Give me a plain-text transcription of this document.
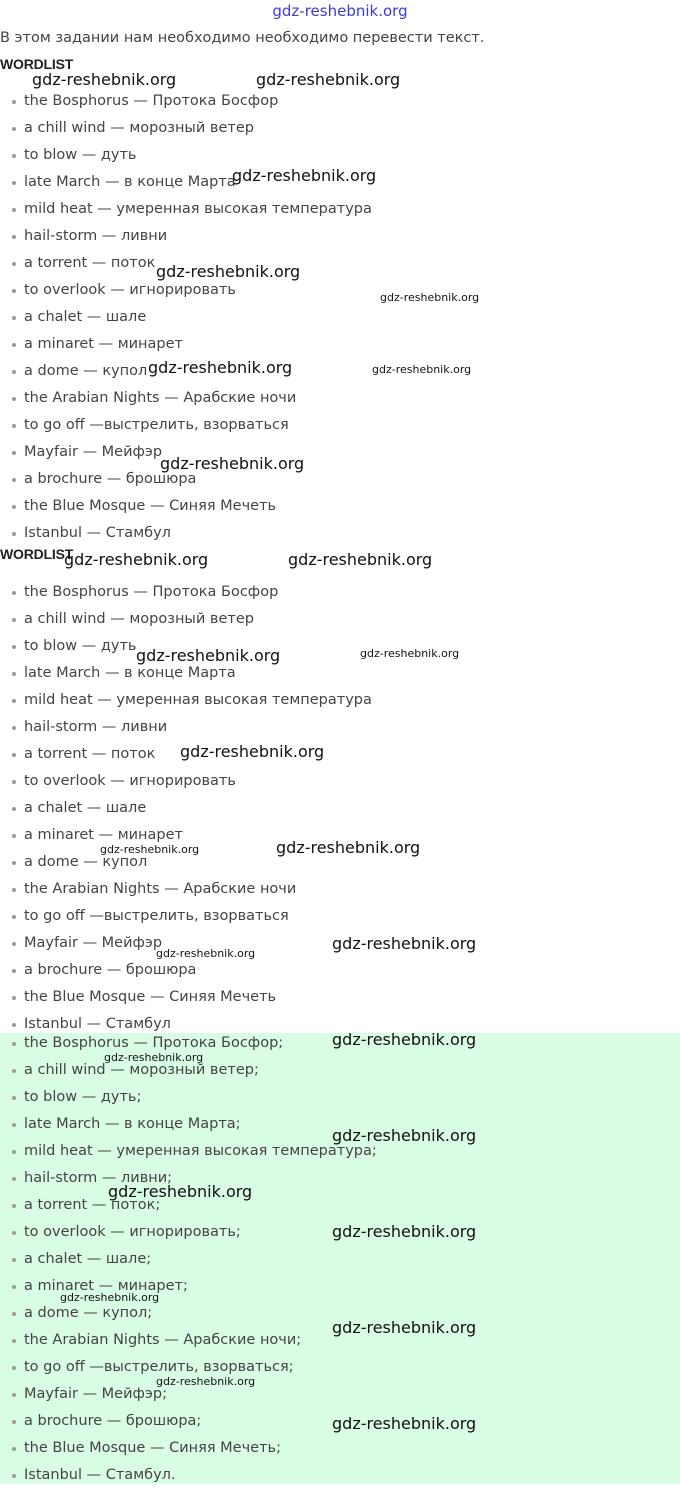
gdz-reshebnik.org
В этом задании нам необходимо необходимо перевести текст.
WORDLIST
the Bosphorus — Протока Босфор
a chill wind — морозный ветер
to blow — дуть
late March — в конце Марта
mild heat — умеренная высокая температура
hail-storm — ливни
a torrent — поток
to overlook — игнорировать
a chalet — шале
a minaret — минарет
a dome — купол
the Arabian Nights — Арабские ночи
to go off —выстрелить, взорваться
Mayfair — Мейфэр
a brochure — брошюра
the Blue Mosque — Синяя Мечеть
Istanbul — Стамбул
WORDLIST
the Bosphorus — Протока Босфор
a chill wind — морозный ветер
to blow — дуть
late March — в конце Марта
mild heat — умеренная высокая температура
hail-storm — ливни
a torrent — поток
to overlook — игнорировать
a chalet — шале
a minaret — минарет
a dome — купол
the Arabian Nights — Арабские ночи
to go off —выстрелить, взорваться
Mayfair — Мейфэр
a brochure — брошюра
the Blue Mosque — Синяя Мечеть
Istanbul — Стамбул
the Bosphorus — Протока Босфор;
a chill wind — морозный ветер;
to blow — дуть;
late March — в конце Марта;
mild heat — умеренная высокая температура;
hail-storm — ливни;
a torrent — поток;
to overlook — игнорировать;
a chalet — шале;
a minaret — минарет;
a dome — купол;
the Arabian Nights — Арабские ночи;
to go off —выстрелить, взорваться;
Mayfair — Мейфэр;
a brochure — брошюра;
the Blue Mosque — Синяя Мечеть;
Istanbul — Стамбул.
gdz-reshebnik.org	gdz-reshebnik.org
gdz-reshebnik.org
gdz-reshebnik.org
gdz-reshebnik.org
gdz-reshebnik.org	gdz-reshebnik.org
gdz-reshebnik.org
gdz-reshebnik.org	gdz-reshebnik.org
gdz-reshebnik.org	gdz-reshebnik.org
gdz-reshebnik.org
gdz-reshebnik.org
gdz-reshebnik.org
gdz-reshebnik.org
gdz-reshebnik.org
gdz-reshebnik.org
gdz-reshebnik.org
gdz-reshebnik.org
gdz-reshebnik.org
gdz-reshebnik.org
gdz-reshebnik.org
gdz-reshebnik.org
gdz-reshebnik.org
gdz-reshebnik.org
